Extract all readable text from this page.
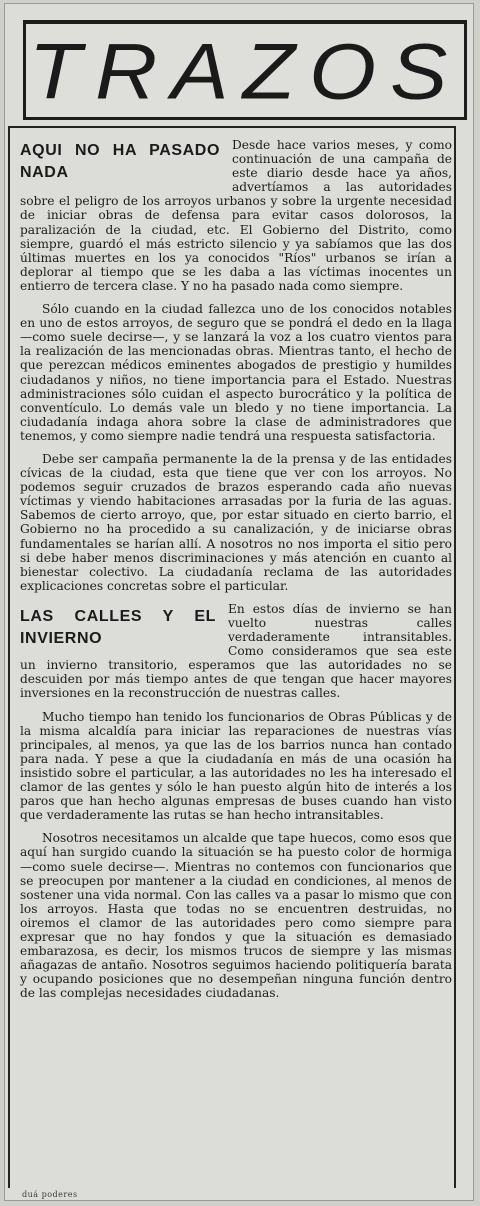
TRAZOS
AQUI NO HA PASADO NADA

Desde hace varios meses, y como continuación de una campaña de este diario desde hace ya años, advertíamos a las autoridades sobre el peligro de los arroyos urbanos y sobre la urgente necesidad de iniciar obras de defensa para evitar casos dolorosos, la paralización de la ciudad, etc. El Gobierno del Distrito, como siempre, guardó el más estricto silencio y ya sabíamos que las dos últimas muertes en los ya conocidos "Ríos" urbanos se irían a deplorar al tiempo que se les daba a las víctimas inocentes un entierro de tercera clase. Y no ha pasado nada como siempre.

Sólo cuando en la ciudad fallezca uno de los conocidos notables en uno de estos arroyos, de seguro que se pondrá el dedo en la llaga —como suele decirse—, y se lanzará la voz a los cuatro vientos para la realización de las mencionadas obras. Mientras tanto, el hecho de que perezcan médicos eminentes abogados de prestigio y humildes ciudadanos y niños, no tiene importancia para el Estado. Nuestras administraciones sólo cuidan el aspecto burocrático y la política de conventículo. Lo demás vale un bledo y no tiene importancia. La ciudadanía indaga ahora sobre la clase de administradores que tenemos, y como siempre nadie tendrá una respuesta satisfactoria.

Debe ser campaña permanente la de la prensa y de las entidades cívicas de la ciudad, esta que tiene que ver con los arroyos. No podemos seguir cruzados de brazos esperando cada año nuevas víctimas y viendo habitaciones arrasadas por la furia de las aguas. Sabemos de cierto arroyo, que, por estar situado en cierto barrio, el Gobierno no ha procedido a su canalización, y de iniciarse obras fundamentales se harían allí. A nosotros no nos importa el sitio pero si debe haber menos discriminaciones y más atención en cuanto al bienestar colectivo. La ciudadanía reclama de las autoridades explicaciones concretas sobre el particular.

LAS CALLES Y EL INVIERNO

En estos días de invierno se han vuelto nuestras calles verdaderamente intransitables. Como consideramos que sea este un invierno transitorio, esperamos que las autoridades no se descuiden por más tiempo antes de que tengan que hacer mayores inversiones en la reconstrucción de nuestras calles.

Mucho tiempo han tenido los funcionarios de Obras Públicas y de la misma alcaldía para iniciar las reparaciones de nuestras vías principales, al menos, ya que las de los barrios nunca han contado para nada. Y pese a que la ciudadanía en más de una ocasión ha insistido sobre el particular, a las autoridades no les ha interesado el clamor de las gentes y sólo le han puesto algún hito de interés a los paros que han hecho algunas empresas de buses cuando han visto que verdaderamente las rutas se han hecho intransitables.

Nosotros necesitamos un alcalde que tape huecos, como esos que aquí han surgido cuando la situación se ha puesto color de hormiga —como suele decirse—. Mientras no contemos con funcionarios que se preocupen por mantener a la ciudad en condiciones, al menos de sostener una vida normal. Con las calles va a pasar lo mismo que con los arroyos. Hasta que todas no se encuentren destruidas, no oiremos el clamor de las autoridades pero como siempre para expresar que no hay fondos y que la situación es demasiado embarazosa, es decir, los mismos trucos de siempre y las mismas añagazas de antaño. Nosotros seguimos haciendo politiquería barata y ocupando posiciones que no desempeñan ninguna función dentro de las complejas necesidades ciudadanas.

duá poderes
